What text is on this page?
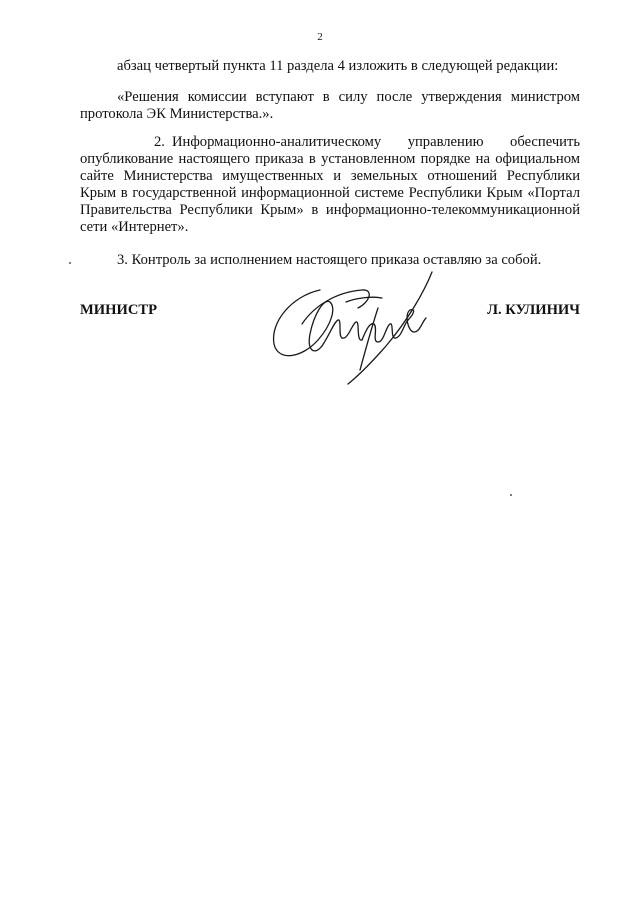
2
абзац четвертый пункта 11 раздела 4 изложить в следующей редакции:
«Решения комиссии вступают в силу после утверждения министром протокола ЭК Министерства.».
2. Информационно-аналитическому управлению обеспечить опубликование настоящего приказа в установленном порядке на официальном сайте Министерства имущественных и земельных отношений Республики Крым в государственной информационной системе Республики Крым «Портал Правительства Республики Крым» в информационно-телекоммуникационной сети «Интернет».
3. Контроль за исполнением настоящего приказа оставляю за собой.
МИНИСТР	Л. КУЛИНИЧ
